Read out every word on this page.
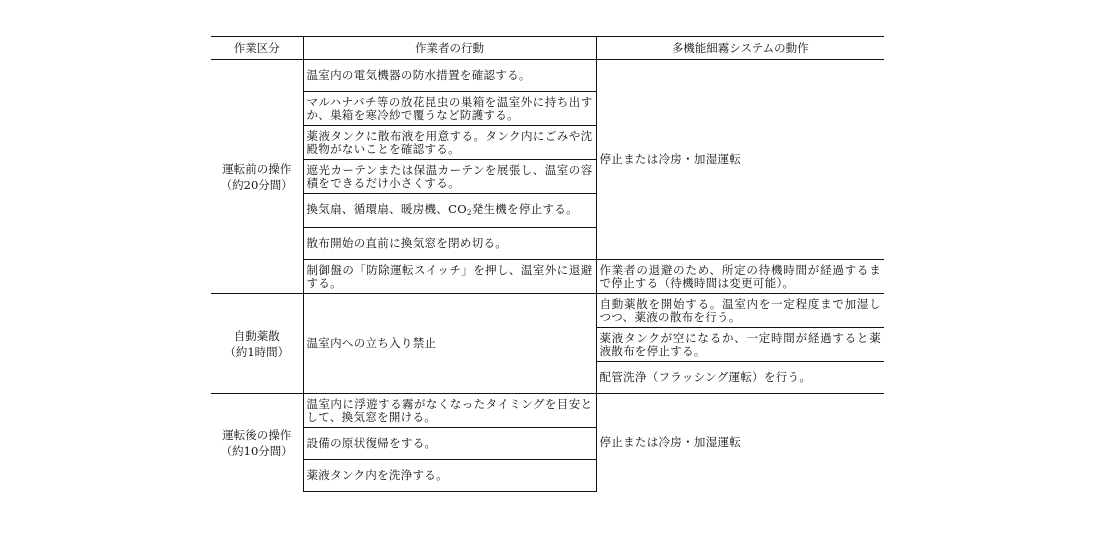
作業区分	作業者の行動	多機能細霧システムの動作

運転前の操作
（約20分間）	温室内の電気機器の防水措置を確認する。	停止または冷房・加湿運転
	マルハナバチ等の放花昆虫の巣箱を温室外に持ち出すか、巣箱を寒冷紗で覆うなど防護する。	
	薬液タンクに散布液を用意する。タンク内にごみや沈殿物がないことを確認する。	
	遮光カーテンまたは保温カーテンを展張し、温室の容積をできるだけ小さくする。	
	換気扇、循環扇、暖房機、CO2発生機を停止する。	
	散布開始の直前に換気窓を閉め切る。	
	制御盤の「防除運転スイッチ」を押し、温室外に退避する。	作業者の退避のため、所定の待機時間が経過するまで停止する（待機時間は変更可能）。

自動薬散
（約1時間）	温室内への立ち入り禁止	自動薬散を開始する。温室内を一定程度まで加湿しつつ、薬液の散布を行う。
		薬液タンクが空になるか、一定時間が経過すると薬液散布を停止する。
		配管洗浄（フラッシング運転）を行う。

運転後の操作
（約10分間）	温室内に浮遊する霧がなくなったタイミングを目安として、換気窓を開ける。	停止または冷房・加湿運転
	設備の原状復帰をする。	
	薬液タンク内を洗浄する。	
